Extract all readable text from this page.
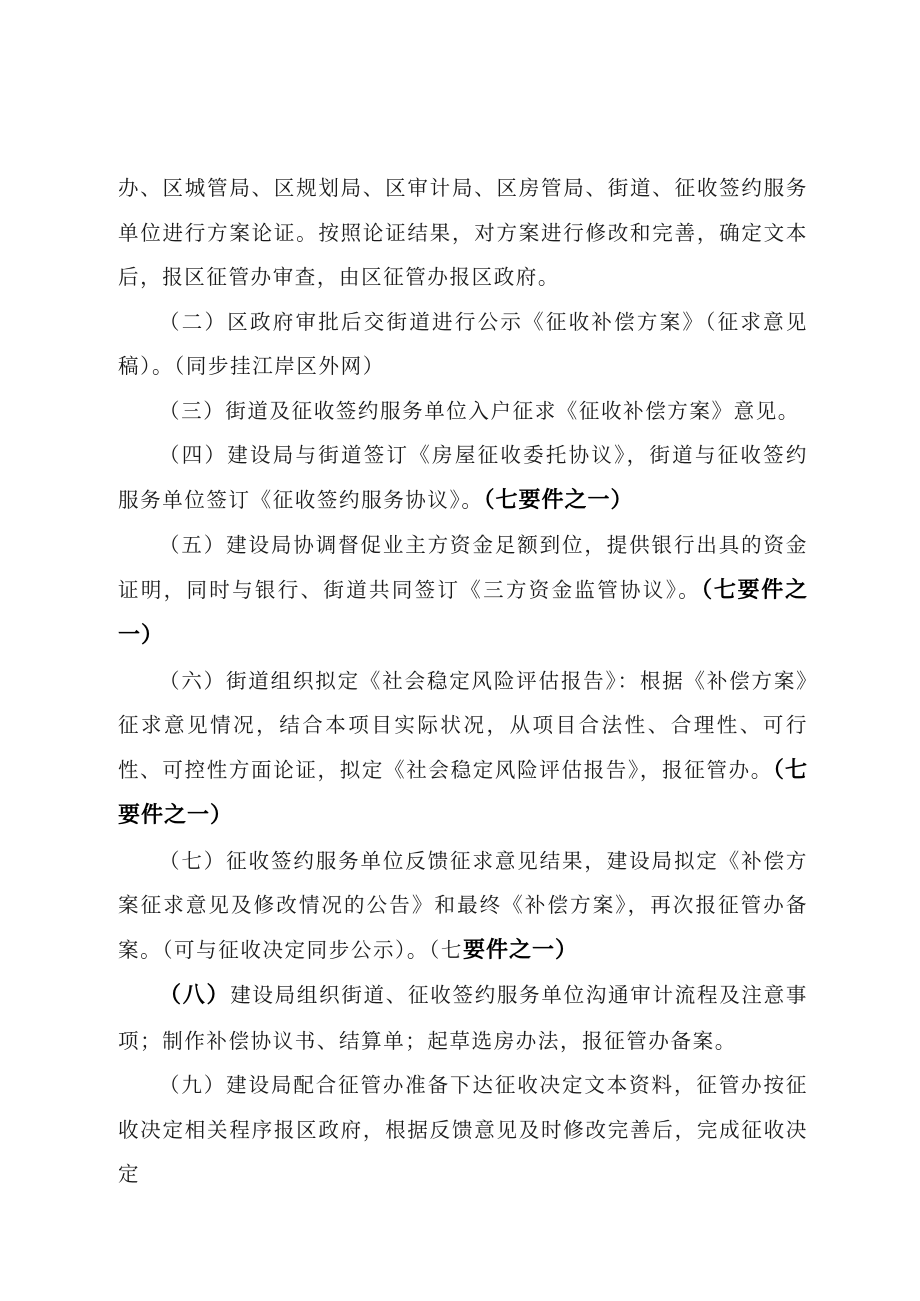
办、区城管局、区规划局、区审计局、区房管局、街道、征收签约服务单位进行方案论证。按照论证结果，对方案进行修改和完善，确定文本后，报区征管办审查，由区征管办报区政府。

（二）区政府审批后交街道进行公示《征收补偿方案》（征求意见稿）。（同步挂江岸区外网）

（三）街道及征收签约服务单位入户征求《征收补偿方案》意见。

（四）建设局与街道签订《房屋征收委托协议》，街道与征收签约服务单位签订《征收签约服务协议》。（七要件之一）

（五）建设局协调督促业主方资金足额到位，提供银行出具的资金证明，同时与银行、街道共同签订《三方资金监管协议》。（七要件之一）

（六）街道组织拟定《社会稳定风险评估报告》：根据《补偿方案》征求意见情况，结合本项目实际状况，从项目合法性、合理性、可行性、可控性方面论证，拟定《社会稳定风险评估报告》，报征管办。（七要件之一）

（七）征收签约服务单位反馈征求意见结果，建设局拟定《补偿方案征求意见及修改情况的公告》和最终《补偿方案》，再次报征管办备案。（可与征收决定同步公示）。（七要件之一）

（八）建设局组织街道、征收签约服务单位沟通审计流程及注意事项；制作补偿协议书、结算单；起草选房办法，报征管办备案。

（九）建设局配合征管办准备下达征收决定文本资料，征管办按征收决定相关程序报区政府，根据反馈意见及时修改完善后，完成征收决定
